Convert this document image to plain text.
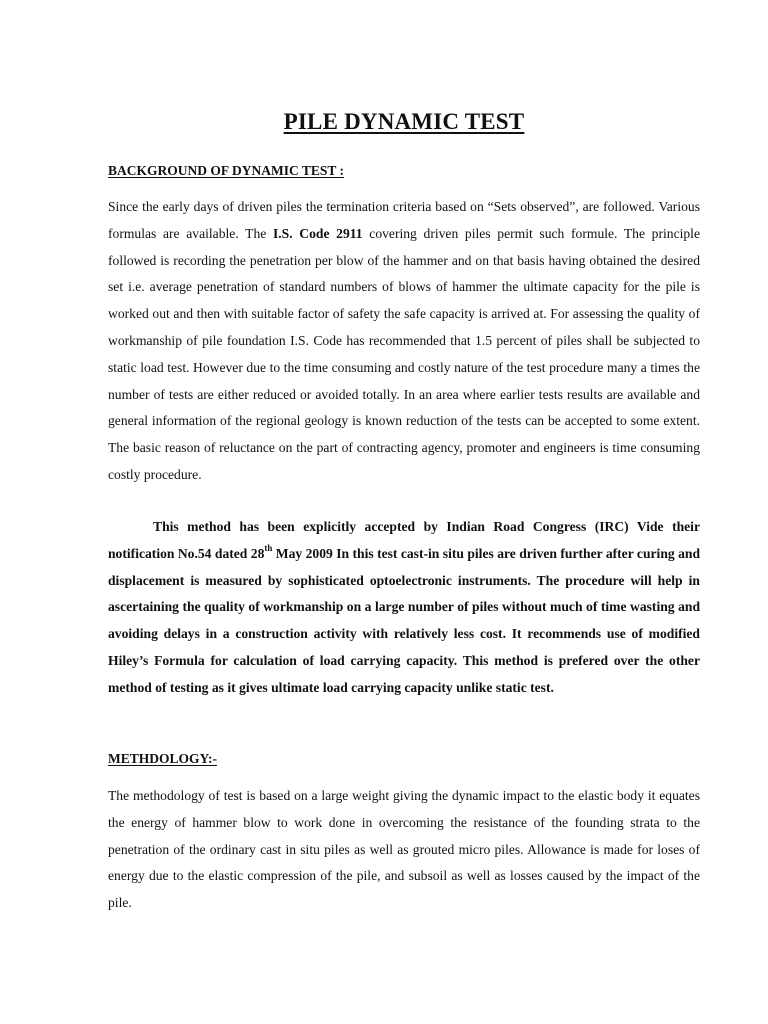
PILE DYNAMIC TEST
BACKGROUND OF DYNAMIC TEST :

Since the early days of driven piles the termination criteria based on “Sets observed”, are followed. Various formulas are available. The I.S. Code 2911 covering driven piles permit such formule. The principle followed is recording the penetration per blow of the hammer and on that basis having obtained the desired set i.e. average penetration of standard numbers of blows of hammer the ultimate capacity for the pile is worked out and then with suitable factor of safety the safe capacity is arrived at. For assessing the quality of workmanship of pile foundation I.S. Code has recommended that 1.5 percent of piles shall be subjected to static load test. However due to the time consuming and costly nature of the test procedure many a times the number of tests are either reduced or avoided totally. In an area where earlier tests results are available and general information of the regional geology is known reduction of the tests can be accepted to some extent. The basic reason of reluctance on the part of contracting agency, promoter and engineers is time consuming costly procedure.

This method has been explicitly accepted by Indian Road Congress (IRC) Vide their notification No.54 dated 28th May 2009 In this test cast-in situ piles are driven further after curing and displacement is measured by sophisticated optoelectronic instruments. The procedure will help in ascertaining the quality of workmanship on a large number of piles without much of time wasting and avoiding delays in a construction activity with relatively less cost. It recommends use of modified Hiley’s Formula for calculation of load carrying capacity. This method is prefered over the other method of testing as it gives ultimate load carrying capacity unlike static test.

METHDOLOGY:-

The methodology of test is based on a large weight giving the dynamic impact to the elastic body it equates the energy of hammer blow to work done in overcoming the resistance of the founding strata to the penetration of the ordinary cast in situ piles as well as grouted micro piles. Allowance is made for loses of energy due to the elastic compression of the pile, and subsoil as well as losses caused by the impact of the pile.
